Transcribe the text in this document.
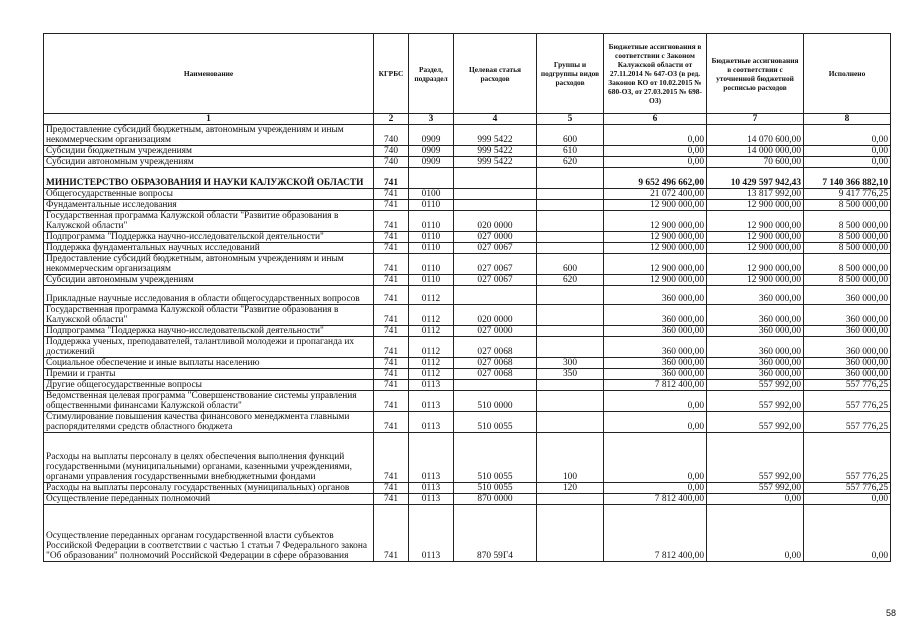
Наименование	КГРБС	Раздел, подраздел	Целевая статья расходов	Группы и подгруппы видов расходов	Бюджетные ассигнования в соответствии с Законом Калужской области от 27.11.2014 № 647-ОЗ (в ред. Законов КО от 10.02.2015 № 680-ОЗ, от 27.03.2015 № 698-ОЗ)	Бюджетные ассигнования в соответствии с уточненной бюджетной росписью расходов	Исполнено
1	2	3	4	5	6	7	8
Предоставление субсидий бюджетным, автономным учреждениям и иным некоммерческим организациям	740	0909	999 5422	600	0,00	14 070 600,00	0,00
Субсидии бюджетным учреждениям	740	0909	999 5422	610	0,00	14 000 000,00	0,00
Субсидии автономным учреждениям	740	0909	999 5422	620	0,00	70 600,00	0,00
МИНИСТЕРСТВО ОБРАЗОВАНИЯ И НАУКИ КАЛУЖСКОЙ ОБЛАСТИ	741				9 652 496 662,00	10 429 597 942,43	7 140 366 882,10
Общегосударственные вопросы	741	0100			21 072 400,00	13 817 992,00	9 417 776,25
Фундаментальные исследования	741	0110			12 900 000,00	12 900 000,00	8 500 000,00
Государственная программа Калужской области "Развитие образования в Калужской области"	741	0110	020 0000		12 900 000,00	12 900 000,00	8 500 000,00
Подпрограмма "Поддержка научно-исследовательской деятельности"	741	0110	027 0000		12 900 000,00	12 900 000,00	8 500 000,00
Поддержка фундаментальных научных исследований	741	0110	027 0067		12 900 000,00	12 900 000,00	8 500 000,00
Предоставление субсидий бюджетным, автономным учреждениям и иным некоммерческим организациям	741	0110	027 0067	600	12 900 000,00	12 900 000,00	8 500 000,00
Субсидии автономным учреждениям	741	0110	027 0067	620	12 900 000,00	12 900 000,00	8 500 000,00
Прикладные научные исследования в области общегосударственных вопросов	741	0112			360 000,00	360 000,00	360 000,00
Государственная программа Калужской области "Развитие образования в Калужской области"	741	0112	020 0000		360 000,00	360 000,00	360 000,00
Подпрограмма "Поддержка научно-исследовательской деятельности"	741	0112	027 0000		360 000,00	360 000,00	360 000,00
Поддержка ученых, преподавателей, талантливой молодежи и пропаганда их достижений	741	0112	027 0068		360 000,00	360 000,00	360 000,00
Социальное обеспечение и иные выплаты населению	741	0112	027 0068	300	360 000,00	360 000,00	360 000,00
Премии и гранты	741	0112	027 0068	350	360 000,00	360 000,00	360 000,00
Другие общегосударственные вопросы	741	0113			7 812 400,00	557 992,00	557 776,25
Ведомственная целевая программа "Совершенствование системы управления общественными финансами Калужской области"	741	0113	510 0000		0,00	557 992,00	557 776,25
Стимулирование повышения качества финансового менеджмента главными распорядителями средств областного бюджета	741	0113	510 0055		0,00	557 992,00	557 776,25
Расходы на выплаты персоналу в целях обеспечения выполнения функций государственными (муниципальными) органами, казенными учреждениями, органами управления государственными внебюджетными фондами	741	0113	510 0055	100	0,00	557 992,00	557 776,25
Расходы на выплаты персоналу государственных (муниципальных) органов	741	0113	510 0055	120	0,00	557 992,00	557 776,25
Осуществление переданных полномочий	741	0113	870 0000		7 812 400,00	0,00	0,00
Осуществление переданных органам государственной власти субъектов Российской Федерации в соответствии с частью 1 статьи 7 Федерального закона "Об образовании" полномочий Российской Федерации в сфере образования	741	0113	870 59Г4		7 812 400,00	0,00	0,00
58
